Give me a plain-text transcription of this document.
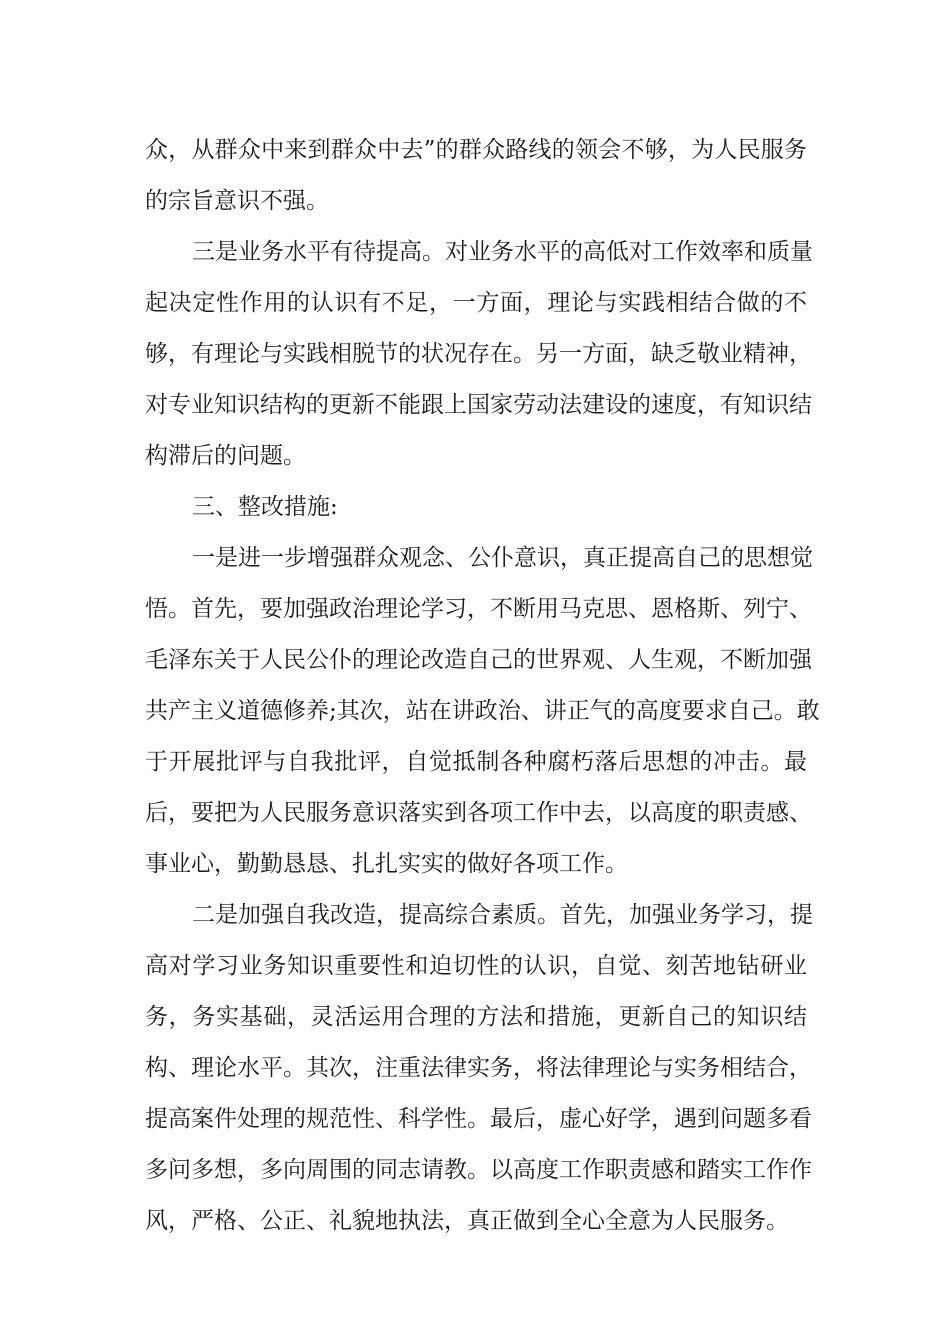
众，从群众中来到群众中去”的群众路线的领会不够，为人民服务
的宗旨意识不强。
三是业务水平有待提高。对业务水平的高低对工作效率和质量
起决定性作用的认识有不足，一方面，理论与实践相结合做的不
够，有理论与实践相脱节的状况存在。另一方面，缺乏敬业精神，
对专业知识结构的更新不能跟上国家劳动法建设的速度，有知识结
构滞后的问题。
三、整改措施:
一是进一步增强群众观念、公仆意识，真正提高自己的思想觉
悟。首先，要加强政治理论学习，不断用马克思、恩格斯、列宁、
毛泽东关于人民公仆的理论改造自己的世界观、人生观，不断加强
共产主义道德修养;其次，站在讲政治、讲正气的高度要求自己。敢
于开展批评与自我批评，自觉抵制各种腐朽落后思想的冲击。最
后，要把为人民服务意识落实到各项工作中去，以高度的职责感、
事业心，勤勤恳恳、扎扎实实的做好各项工作。
二是加强自我改造，提高综合素质。首先，加强业务学习，提
高对学习业务知识重要性和迫切性的认识，自觉、刻苦地钻研业
务，务实基础，灵活运用合理的方法和措施，更新自己的知识结
构、理论水平。其次，注重法律实务，将法律理论与实务相结合，
提高案件处理的规范性、科学性。最后，虚心好学，遇到问题多看
多问多想，多向周围的同志请教。以高度工作职责感和踏实工作作
风，严格、公正、礼貌地执法，真正做到全心全意为人民服务。
